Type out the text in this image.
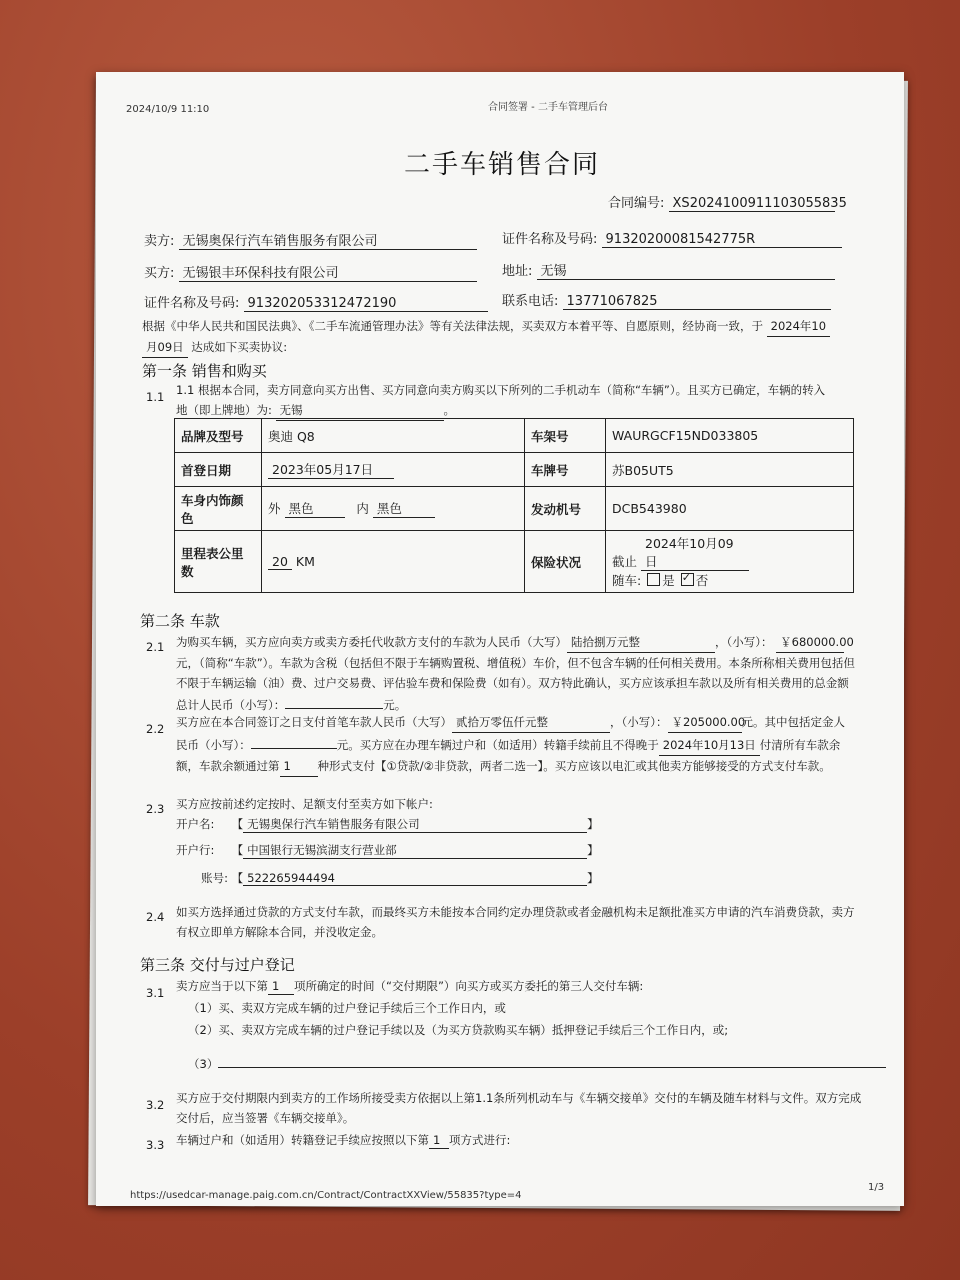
2024/10/9 11:10	合同签署 - 二手车管理后台
二手车销售合同
合同编号: XS2024100911103055835
卖方: 无锡奥保行汽车销售服务有限公司	证件名称及号码: 91320200081542775R
买方: 无锡银丰环保科技有限公司	地址: 无锡
证件名称及号码: 913202053312472190	联系电话: 13771067825
根据《中华人民共和国民法典》、《二手车流通管理办法》等有关法律法规，买卖双方本着平等、自愿原则，经协商一致，于 2024年10
月09日 达成如下买卖协议:
第一条 销售和购买
1.1 1.1 根据本合同，卖方同意向买方出售、买方同意向卖方购买以下所列的二手机动车（简称“车辆”）。且买方已确定，车辆的转入
地（即上牌地）为: 无锡	。
品牌及型号	奥迪 Q8	车架号	WAURGCF15ND033805
首登日期	2023年05月17日	车牌号	苏B05UT5
车身内饰颜色	外 黑色 内 黑色	发动机号	DCB543980
里程表公里数	20 KM	保险状况	截止 2024年10月09日
随车: 是 ✓ 否
第二条 车款
2.1 为购买车辆，买方应向卖方或卖方委托代收款方支付的车款为人民币（大写） 陆拾捌万元整	，（小写）： ￥680000.00元，（简称“车款”）。车款为含税（包括但不限于车辆购置税、增值税）车价，但不包含车辆的任何相关费用。本条所称相关费用包括但不限于车辆运输（油）费、过户交易费、评估验车费和保险费（如有）。双方特此确认，买方应该承担车款以及所有相关费用的总金额总计人民币（小写）：	元。
2.2 买方应在本合同签订之日支付首笔车款人民币（大写） 贰拾万零伍仟元整	，（小写）： ￥205000.00元。其中包括定金人民币（小写）：	元。买方应在办理车辆过户和（如适用）转籍手续前且不得晚于 2024年10月13日 付清所有车款余额，车款余额通过第 1 种形式支付【①贷款/②非贷款，两者二选一】。买方应该以电汇或其他卖方能够接受的方式支付车款。
2.3 买方应按前述约定按时、足额支付至卖方如下帐户:
开户名: 【 无锡奥保行汽车销售服务有限公司	】
开户行: 【 中国银行无锡滨湖支行营业部	】
账号: 【 522265944494	】
2.4 如买方选择通过贷款的方式支付车款，而最终买方未能按本合同约定办理贷款或者金融机构未足额批准买方申请的汽车消费贷款，卖方有权立即单方解除本合同，并没收定金。
第三条 交付与过户登记
3.1 卖方应当于以下第 1 项所确定的时间（“交付期限”）向买方或买方委托的第三人交付车辆:
（1）买、卖双方完成车辆的过户登记手续后三个工作日内，或
（2）买、卖双方完成车辆的过户登记手续以及（为买方贷款购买车辆）抵押登记手续后三个工作日内，或;
（3）
3.2 买方应于交付期限内到卖方的工作场所接受卖方依据以上第1.1条所列机动车与《车辆交接单》交付的车辆及随车材料与文件。双方完成交付后，应当签署《车辆交接单》。
3.3 车辆过户和（如适用）转籍登记手续应按照以下第 1 项方式进行:
https://usedcar-manage.paig.com.cn/Contract/ContractXXView/55835?type=4
1/3
